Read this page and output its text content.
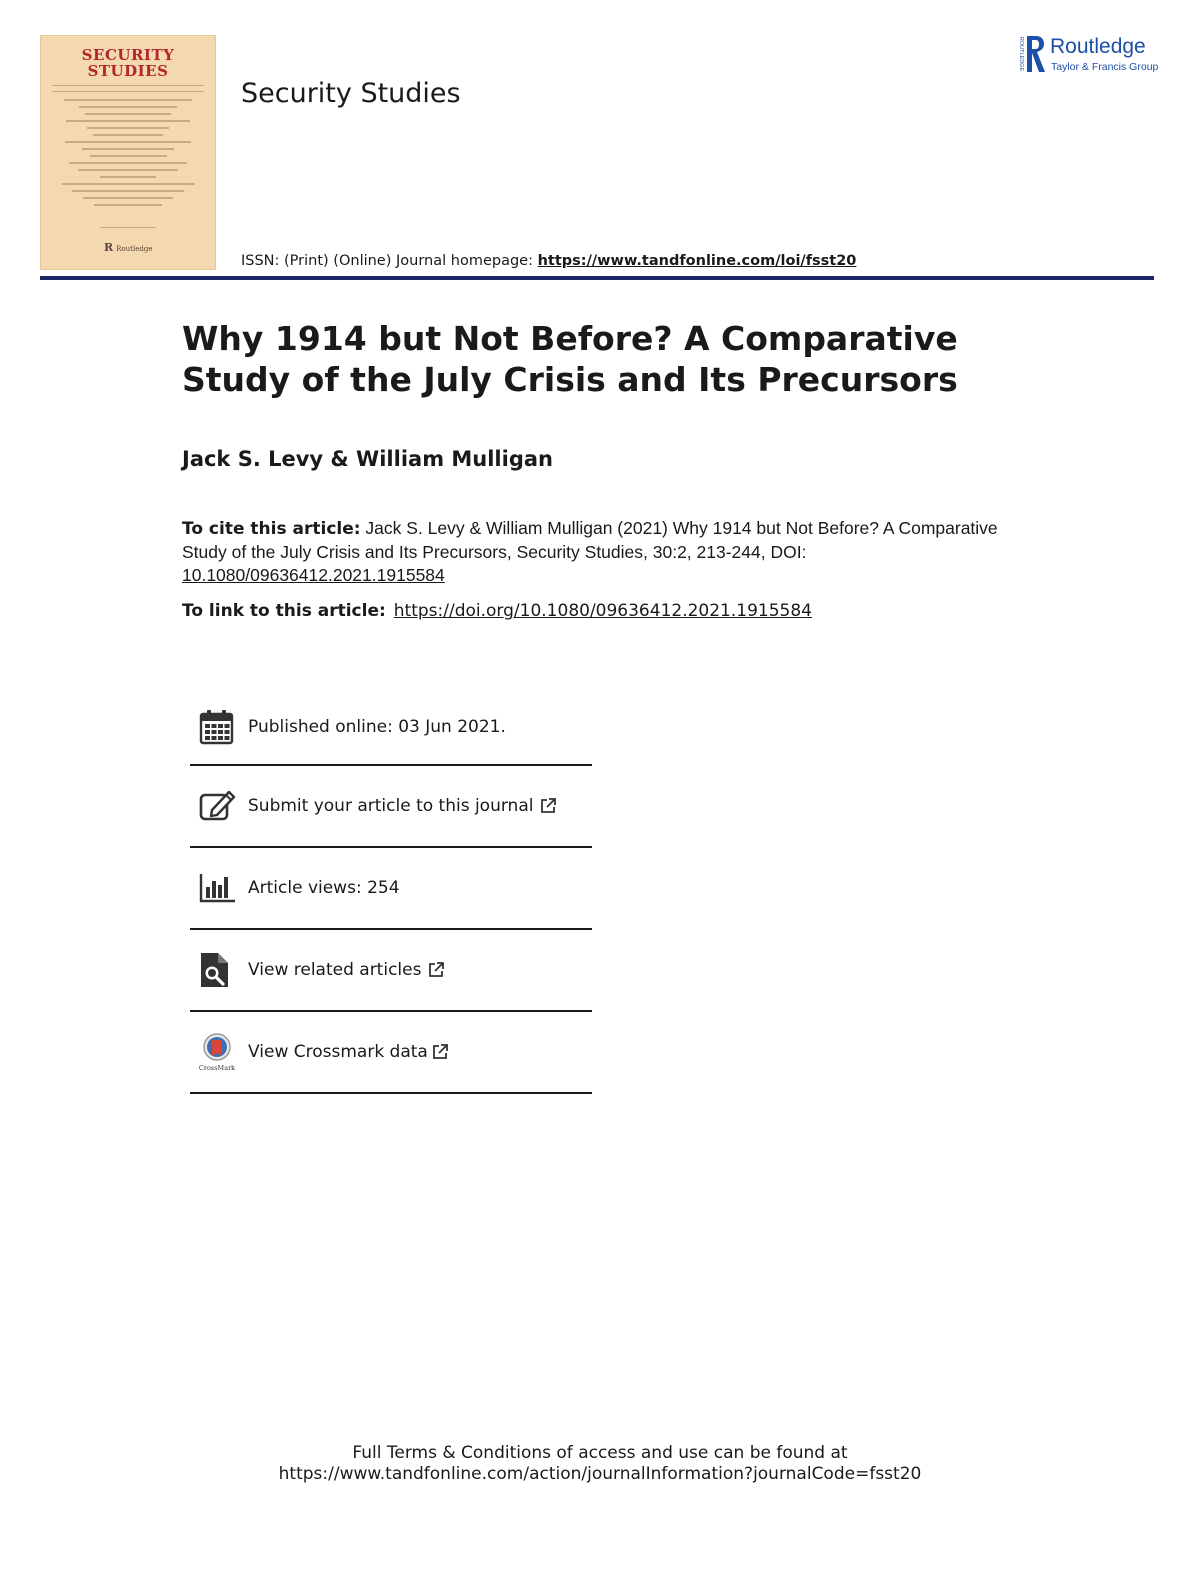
SECURITY
STUDIES
R Routledge
Security Studies
ISSN: (Print) (Online) Journal homepage: https://www.tandfonline.com/loi/fsst20
ROUTLEDGE Routledge
Taylor & Francis Group
Why 1914 but Not Before? A Comparative Study of the July Crisis and Its Precursors
Jack S. Levy & William Mulligan
To cite this article: Jack S. Levy & William Mulligan (2021) Why 1914 but Not Before? A Comparative Study of the July Crisis and Its Precursors, Security Studies, 30:2, 213-244, DOI: 10.1080/09636412.2021.1915584
To link to this article: https://doi.org/10.1080/09636412.2021.1915584
Published online: 03 Jun 2021.
Submit your article to this journal
Article views: 254
View related articles
CrossMark
View Crossmark data
Full Terms & Conditions of access and use can be found at
https://www.tandfonline.com/action/journalInformation?journalCode=fsst20
